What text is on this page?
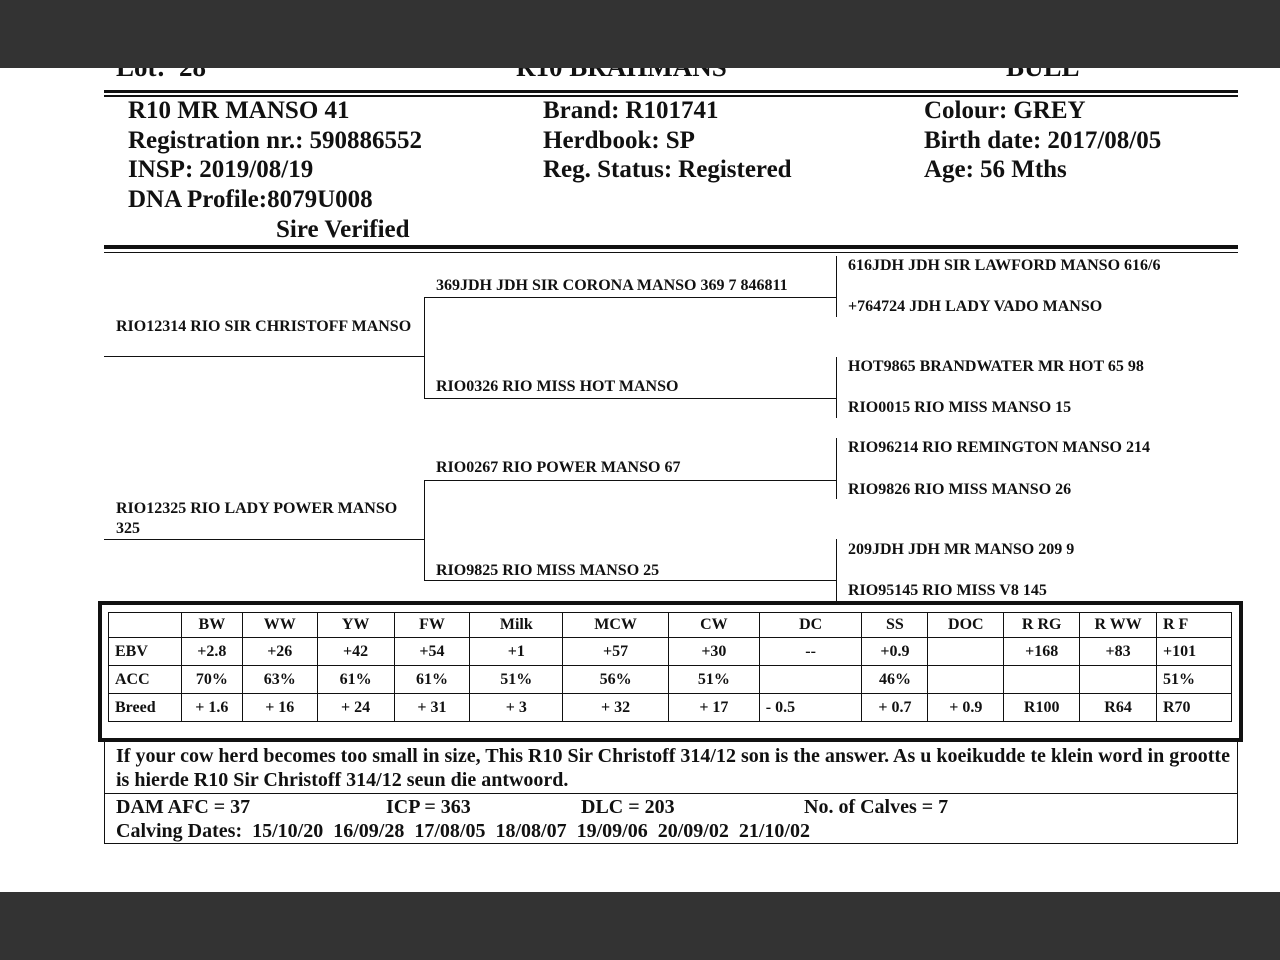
R10 MR MANSO 41
Registration nr.: 590886552
INSP: 2019/08/19
DNA Profile:8079U008
Sire Verified
Brand: R101741
Herdbook: SP
Reg. Status: Registered
Colour: GREY
Birth date: 2017/08/05
Age: 56 Mths
RIO12314 RIO SIR CHRISTOFF MANSO
RIO12325 RIO LADY POWER MANSO 325
369JDH JDH SIR CORONA MANSO 369 7 846811
RIO0326 RIO MISS HOT MANSO
RIO0267 RIO POWER MANSO 67
RIO9825 RIO MISS MANSO 25
616JDH JDH SIR LAWFORD MANSO 616/6
+764724 JDH LADY VADO MANSO
HOT9865 BRANDWATER MR HOT 65 98
RIO0015 RIO MISS MANSO 15
RIO96214 RIO REMINGTON MANSO 214
RIO9826 RIO MISS MANSO 26
209JDH JDH MR MANSO 209 9
RIO95145 RIO MISS V8 145
	BW	WW	YW	FW	Milk	MCW	CW	DC	SS	DOC	R RG	R WW	R F
EBV	+2.8	+26	+42	+54	+1	+57	+30	--	+0.9		+168	+83	+101
ACC	70%	63%	61%	61%	51%	56%	51%		46%				51%
Breed	+ 1.6	+ 16	+ 24	+ 31	+ 3	+ 32	+ 17	- 0.5	+ 0.7	+ 0.9	R100	R64	R70
If your cow herd becomes too small in size, This R10 Sir Christoff 314/12 son is the answer. As u koeikudde te klein word in grootte is hierde R10 Sir Christoff 314/12 seun die antwoord.
DAM AFC = 37	ICP = 363	DLC = 203	No. of Calves = 7
Calving Dates: 15/10/20 16/09/28 17/08/05 18/08/07 19/09/06 20/09/02 21/10/02
